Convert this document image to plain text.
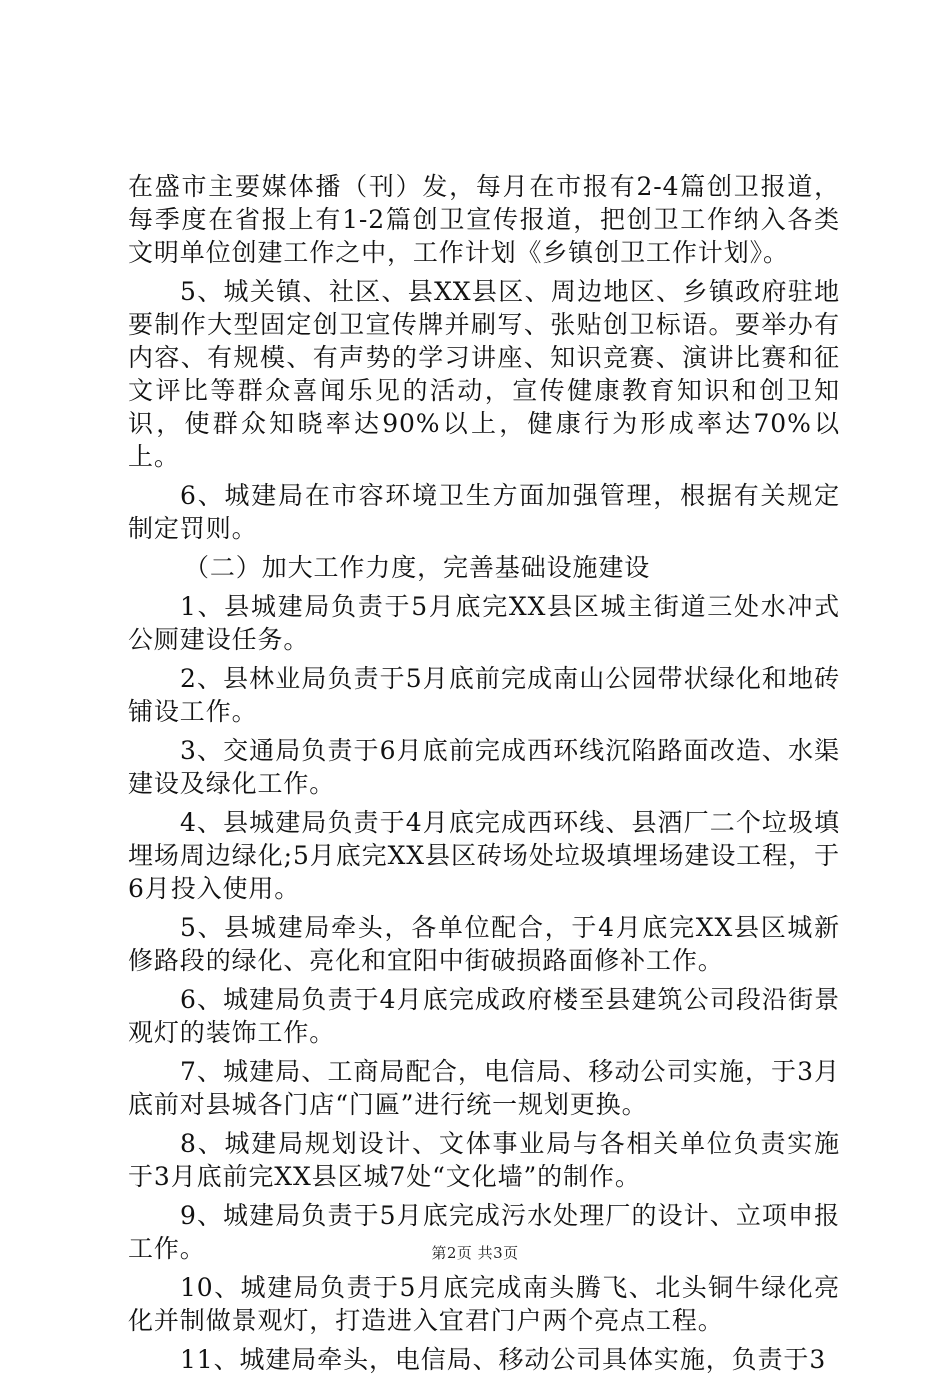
在盛市主要媒体播（刊）发，每月在市报有2-4篇创卫报道，每季度在省报上有1-2篇创卫宣传报道，把创卫工作纳入各类文明单位创建工作之中，工作计划《乡镇创卫工作计划》。

5、城关镇、社区、县XX县区、周边地区、乡镇政府驻地要制作大型固定创卫宣传牌并刷写、张贴创卫标语。要举办有内容、有规模、有声势的学习讲座、知识竞赛、演讲比赛和征文评比等群众喜闻乐见的活动，宣传健康教育知识和创卫知识，使群众知晓率达90%以上，健康行为形成率达70%以上。

6、城建局在市容环境卫生方面加强管理，根据有关规定制定罚则。

（二）加大工作力度，完善基础设施建设

1、县城建局负责于5月底完XX县区城主街道三处水冲式公厕建设任务。

2、县林业局负责于5月底前完成南山公园带状绿化和地砖铺设工作。

3、交通局负责于6月底前完成西环线沉陷路面改造、水渠建设及绿化工作。

4、县城建局负责于4月底完成西环线、县酒厂二个垃圾填埋场周边绿化;5月底完XX县区砖场处垃圾填埋场建设工程，于6月投入使用。

5、县城建局牵头，各单位配合，于4月底完XX县区城新修路段的绿化、亮化和宜阳中街破损路面修补工作。

6、城建局负责于4月底完成政府楼至县建筑公司段沿街景观灯的装饰工作。

7、城建局、工商局配合，电信局、移动公司实施，于3月底前对县城各门店“门匾”进行统一规划更换。

8、城建局规划设计、文体事业局与各相关单位负责实施于3月底前完XX县区城7处“文化墙”的制作。

9、城建局负责于5月底完成污水处理厂的设计、立项申报工作。

10、城建局负责于5月底完成南头腾飞、北头铜牛绿化亮化并制做景观灯，打造进入宜君门户两个亮点工程。

11、城建局牵头，电信局、移动公司具体实施，负责于3

第2页 共3页
